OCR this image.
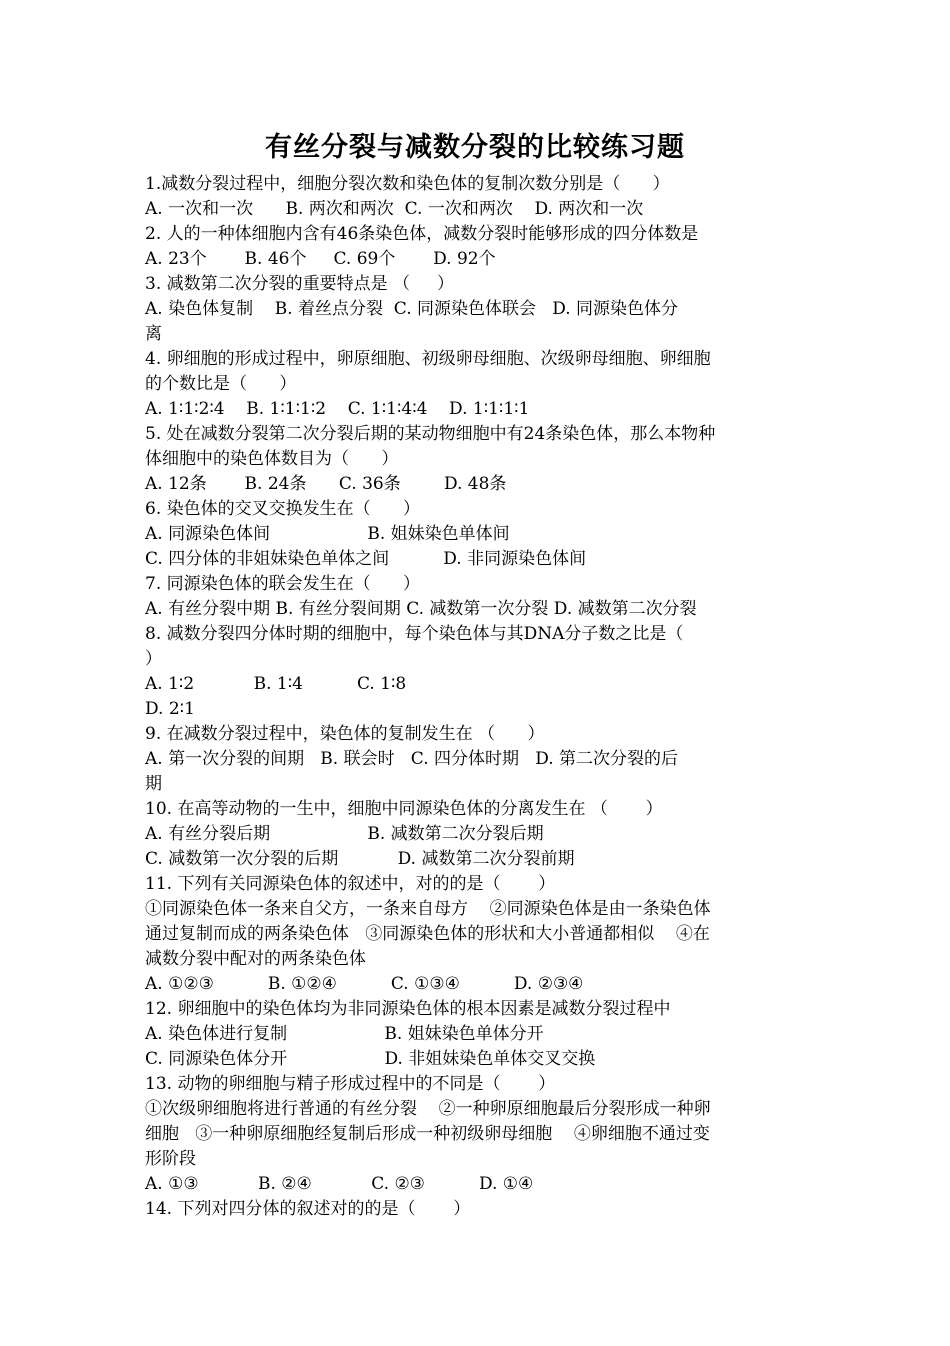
有丝分裂与减数分裂的比较练习题
1.减数分裂过程中，细胞分裂次数和染色体的复制次数分别是（      ）
A. 一次和一次      B. 两次和两次  C. 一次和两次    D. 两次和一次
2. 人的一种体细胞内含有46条染色体，减数分裂时能够形成的四分体数是
A. 23个       B. 46个     C. 69个       D. 92个
3. 减数第二次分裂的重要特点是 （     ）
A. 染色体复制    B. 着丝点分裂  C. 同源染色体联会   D. 同源染色体分
离
4. 卵细胞的形成过程中，卵原细胞、初级卵母细胞、次级卵母细胞、卵细胞
的个数比是（      ）
A. 1∶1∶2∶4    B. 1∶1∶1∶2    C. 1∶1∶4∶4    D. 1∶1∶1∶1
5. 处在减数分裂第二次分裂后期的某动物细胞中有24条染色体，那么本物种
体细胞中的染色体数目为（      ）
A. 12条       B. 24条      C. 36条        D. 48条
6. 染色体的交叉交换发生在（      ）
A. 同源染色体间                  B. 姐妹染色单体间
C. 四分体的非姐妹染色单体之间          D. 非同源染色体间
7. 同源染色体的联会发生在（      ）
A. 有丝分裂中期 B. 有丝分裂间期 C. 减数第一次分裂 D. 减数第二次分裂
8. 减数分裂四分体时期的细胞中，每个染色体与其DNA分子数之比是（
）
A. 1∶2           B. 1∶4          C. 1∶8
D. 2∶1
9. 在减数分裂过程中，染色体的复制发生在 （      ）
A. 第一次分裂的间期   B. 联会时   C. 四分体时期   D. 第二次分裂的后
期
10. 在高等动物的一生中，细胞中同源染色体的分离发生在 （       ）
A. 有丝分裂后期                  B. 减数第二次分裂后期
C. 减数第一次分裂的后期           D. 减数第二次分裂前期
11. 下列有关同源染色体的叙述中，对的的是（       ）
①同源染色体一条来自父方，一条来自母方    ②同源染色体是由一条染色体
通过复制而成的两条染色体   ③同源染色体的形状和大小普通都相似    ④在
减数分裂中配对的两条染色体
A. ①②③          B. ①②④          C. ①③④          D. ②③④
12. 卵细胞中的染色体均为非同源染色体的根本因素是减数分裂过程中
A. 染色体进行复制                  B. 姐妹染色单体分开
C. 同源染色体分开                  D. 非姐妹染色单体交叉交换
13. 动物的卵细胞与精子形成过程中的不同是（       ）
①次级卵细胞将进行普通的有丝分裂    ②一种卵原细胞最后分裂形成一种卵
细胞   ③一种卵原细胞经复制后形成一种初级卵母细胞    ④卵细胞不通过变
形阶段
A. ①③           B. ②④           C. ②③          D. ①④
14. 下列对四分体的叙述对的的是（       ）
